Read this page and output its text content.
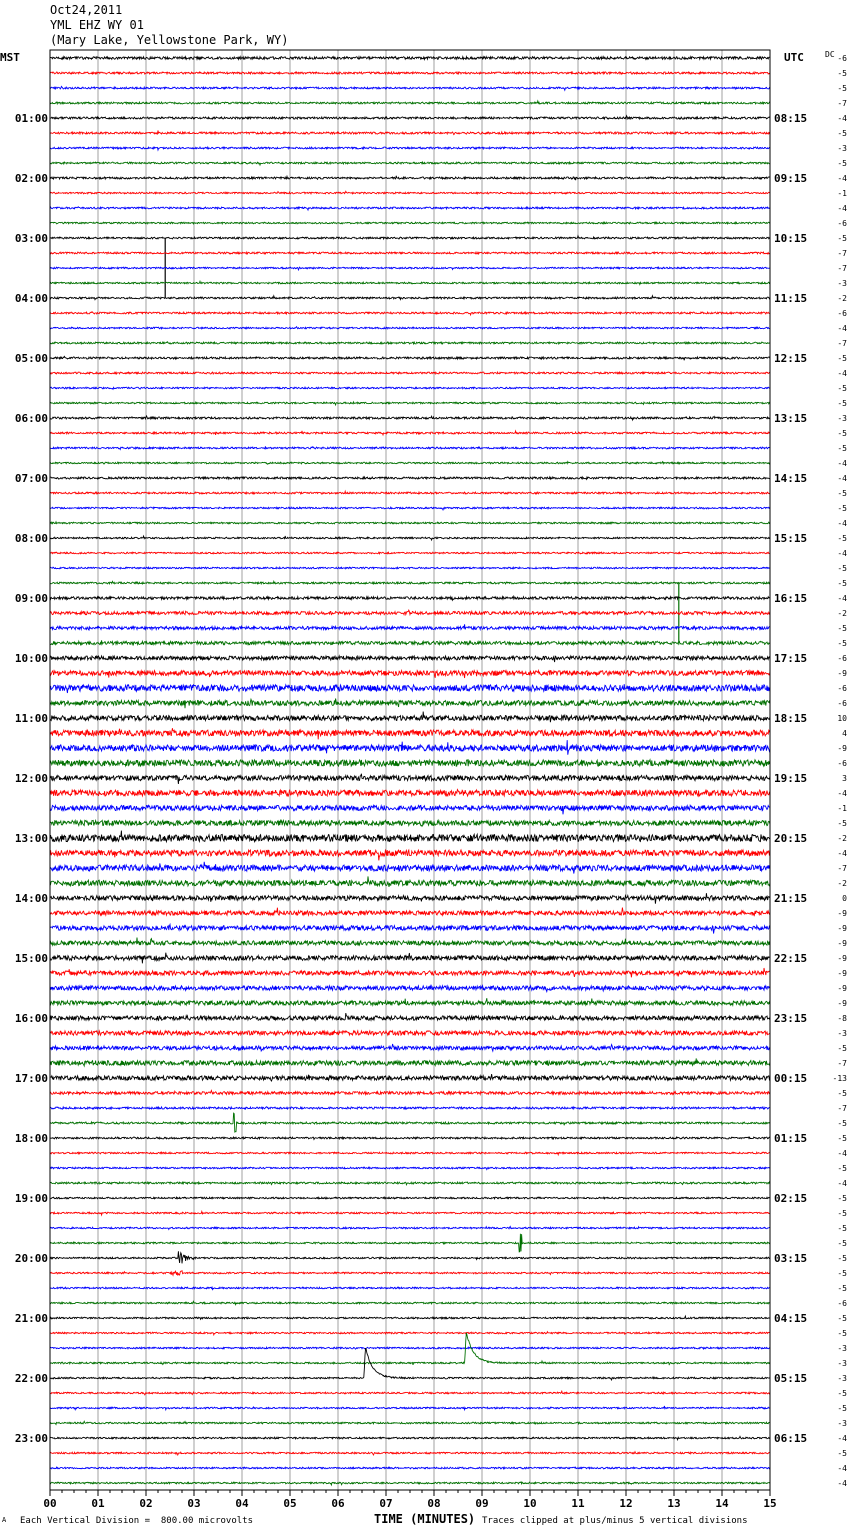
Oct24,2011
YML EHZ WY 01
(Mary Lake, Yellowstone Park, WY)
MST	UTC	DC
01:00
02:00
03:00
04:00
05:00
06:00
07:00
08:00
09:00
10:00
11:00
12:00
13:00
14:00
15:00
16:00
17:00
18:00
19:00
20:00
21:00
22:00
23:00
08:15
09:15
10:15
11:15
12:15
13:15
14:15
15:15
16:15
17:15
18:15
19:15
20:15
21:15
22:15
23:15
00:15
01:15
02:15
03:15
04:15
05:15
06:15
-6
-5
-5
-7
-4
-5
-3
-5
-4
-1
-4
-6
-5
-7
-7
-3
-2
-6
-4
-7
-5
-4
-5
-5
-3
-5
-5
-4
-4
-5
-5
-4
-5
-4
-5
-5
-4
-2
-5
-5
-6
-9
-6
-6
10
4
-9
-6
3
-4
-1
-5
-2
-4
-7
-2
0
-9
-9
-9
-9
-9
-9
-9
-8
-3
-5
-7
-13
-5
-7
-5
-5
-4
-5
-4
-5
-5
-5
-5
-5
-5
-5
-6
-5
-5
-3
-3
-3
-5
-5
-3
-4
-5
-4
-4
00	01	02	03	04	05	06	07	08	09	10	11	12	13	14	15
TIME (MINUTES)
A Each Vertical Division =  800.00 microvolts	Traces clipped at plus/minus 5 vertical divisions
